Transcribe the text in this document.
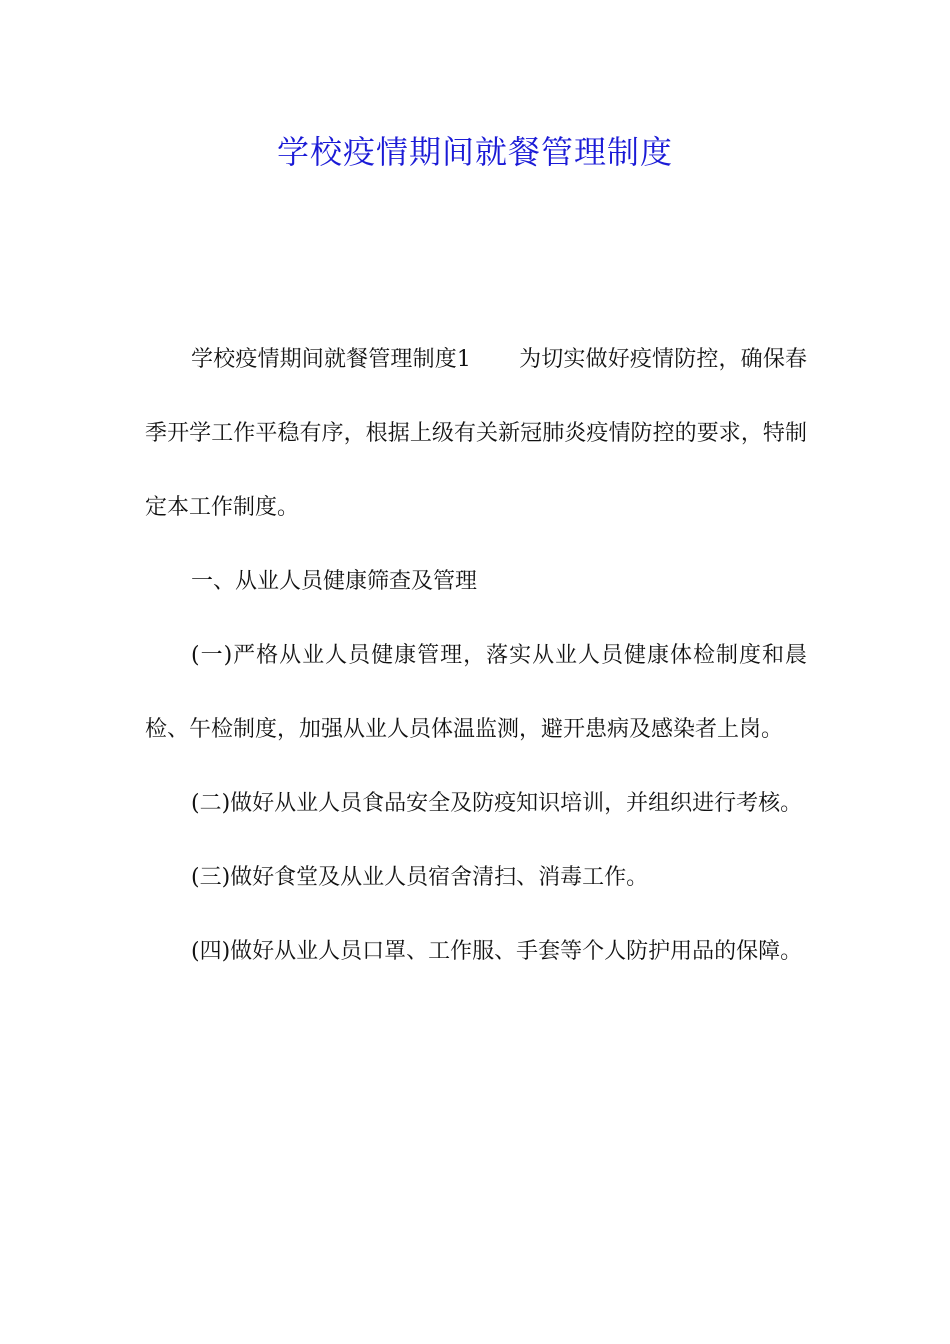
学校疫情期间就餐管理制度

学校疫情期间就餐管理制度1 为切实做好疫情防控，确保春季开学工作平稳有序，根据上级有关新冠肺炎疫情防控的要求，特制定本工作制度。

一、从业人员健康筛查及管理

(一)严格从业人员健康管理，落实从业人员健康体检制度和晨检、午检制度，加强从业人员体温监测，避开患病及感染者上岗。

(二)做好从业人员食品安全及防疫知识培训，并组织进行考核。

(三)做好食堂及从业人员宿舍清扫、消毒工作。

(四)做好从业人员口罩、工作服、手套等个人防护用品的保障。
